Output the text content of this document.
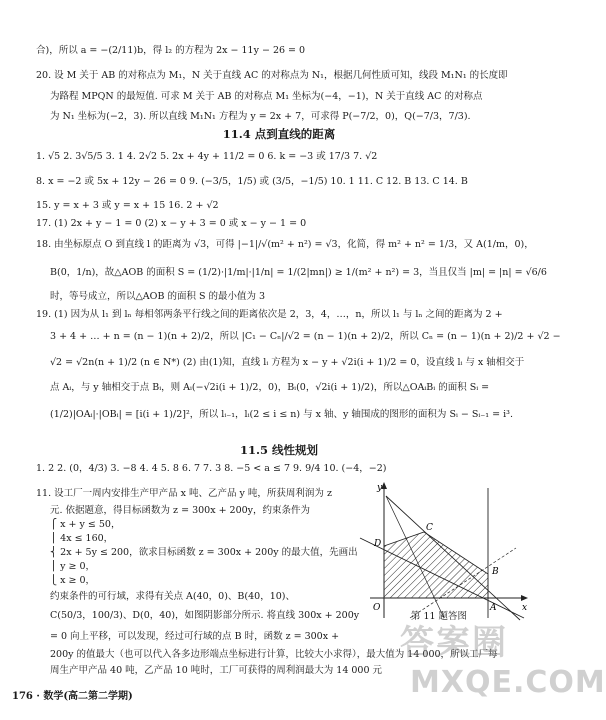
合)，所以 a = −(2/11)b，得 l₂ 的方程为 2x − 11y − 26 = 0
20. 设 M 关于 AB 的对称点为 M₁，N 关于直线 AC 的对称点为 N₁，根据几何性质可知，线段 M₁N₁ 的长度即
为路程 MPQN 的最短值. 可求 M 关于 AB 的对称点 M₁ 坐标为(−4，−1)，N 关于直线 AC 的对称点
为 N₁ 坐标为(−2，3). 所以直线 M₁N₁ 方程为 y = 2x + 7，可求得 P(−7/2，0)，Q(−7/3，7/3).
11.4 点到直线的距离
1. √5 2. 3√5/5 3. 1 4. 2√2 5. 2x + 4y + 11/2 = 0 6. k = −3 或 17/3 7. √2
8. x = −2 或 5x + 12y − 26 = 0 9. (−3/5，1/5) 或 (3/5，−1/5) 10. 1 11. C 12. B 13. C 14. B
15. y = x + 3 或 y = x + 15 16. 2 + √2
17. (1) 2x + y − 1 = 0 (2) x − y + 3 = 0 或 x − y − 1 = 0
18. 由坐标原点 O 到直线 l 的距离为 √3，可得 |−1|/√(m² + n²) = √3，化简，得 m² + n² = 1/3，又 A(1/m，0)，
B(0，1/n)，故△AOB 的面积 S = (1/2)·|1/m|·|1/n| = 1/(2|mn|) ≥ 1/(m² + n²) = 3，当且仅当 |m| = |n| = √6/6
时，等号成立，所以△AOB 的面积 S 的最小值为 3
19. (1) 因为从 l₁ 到 lₙ 每相邻两条平行线之间的距离依次是 2，3，4，…，n，所以 l₁ 与 lₙ 之间的距离为 2 +
3 + 4 + … + n = (n − 1)(n + 2)/2，所以 |C₁ − Cₙ|/√2 = (n − 1)(n + 2)/2，所以 Cₙ = (n − 1)(n + 2)/2 + √2 −
√2 = √2n(n + 1)/2 (n ∈ N*) (2) 由(1)知，直线 lᵢ 方程为 x − y + √2i(i + 1)/2 = 0，设直线 lᵢ 与 x 轴相交于
点 Aᵢ，与 y 轴相交于点 Bᵢ，则 Aᵢ(−√2i(i + 1)/2，0)，Bᵢ(0，√2i(i + 1)/2)，所以△OAᵢBᵢ 的面积 Sᵢ =
(1/2)|OAᵢ|·|OBᵢ| = [i(i + 1)/2]²，所以 lᵢ₋₁，lᵢ(2 ≤ i ≤ n) 与 x 轴、y 轴围成的图形的面积为 Sᵢ − Sᵢ₋₁ = i³.
11.5 线性规划
1. 2 2. (0，4/3) 3. −8 4. 4 5. 8 6. 7 7. 3 8. −5 < a ≤ 7 9. 9/4 10. (−4，−2)
11. 设工厂一周内安排生产甲产品 x 吨、乙产品 y 吨，所获周利润为 z
元. 依据题意，得目标函数为 z = 300x + 200y，约束条件为
⎧ x + y ≤ 50，
⎪ 4x ≤ 160，
⎨ 2x + 5y ≤ 200，欲求目标函数 z = 300x + 200y 的最大值，先画出
⎪ y ≥ 0，
⎩ x ≥ 0，
约束条件的可行域，求得有关点 A(40，0)、B(40，10)、
C(50/3，100/3)、D(0，40)，如图阴影部分所示. 将直线 300x + 200y
= 0 向上平移，可以发现，经过可行域的点 B 时，函数 z = 300x +
200y 的值最大（也可以代入各多边形端点坐标进行计算，比较大小求得），最大值为 14 000，所以工厂每
周生产甲产品 40 吨，乙产品 10 吨时，工厂可获得的周利润最大为 14 000 元
y
x
O	A
B
C
D
第 11 题答图
176 · 数学(高二第二学期)
答案圈
MXQE.COM
